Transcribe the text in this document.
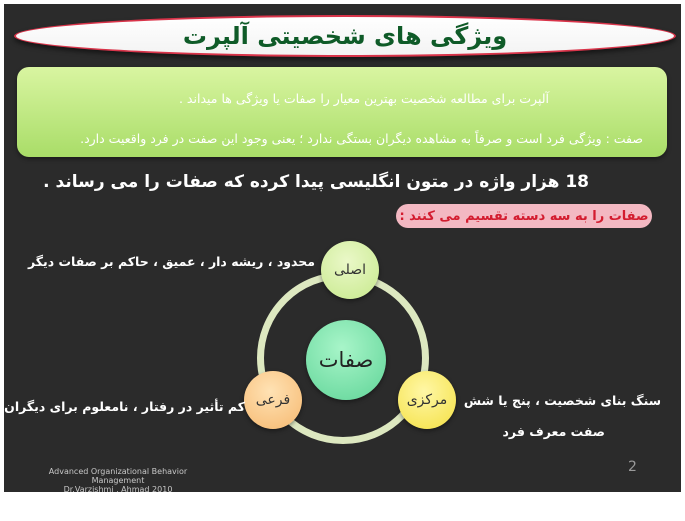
ویژگی های شخصیتی آلپرت
آلپرت برای مطالعه شخصیت بهترین معیار را صفات یا ویژگی ها میداند .
صفت : ویژگی فرد است و صرفاً به مشاهده دیگران بستگی ندارد ؛ یعنی وجود این صفت در فرد واقعیت دارد.
18 هزار واژه در متون انگلیسی پیدا کرده که صفات را می رساند .
صفات را به سه دسته تقسیم می کنند :
صفات
اصلی
فرعی	مرکزی
محدود ، ریشه دار ، عمیق ، حاکم بر صفات دیگر
کم تأثیر در رفتار ، نامعلوم برای دیگران	سنگ بنای شخصیت ، پنج یا شش
صفت معرف فرد
Advanced Organizational Behavior
Management
Dr.Varzishmi , Ahmad 2010
2
